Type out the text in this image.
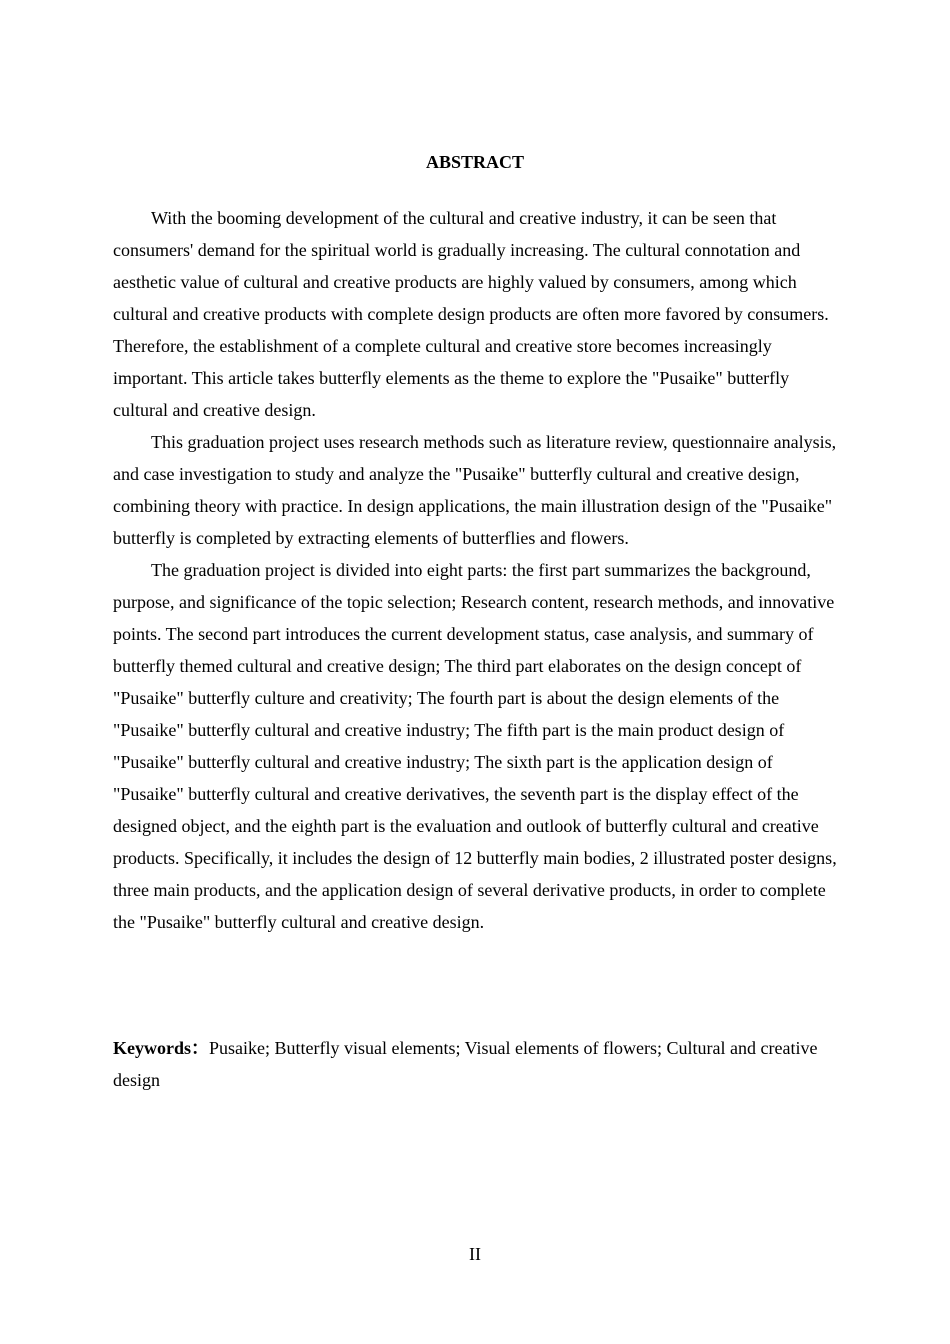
ABSTRACT

With the booming development of the cultural and creative industry, it can be seen that consumers' demand for the spiritual world is gradually increasing. The cultural connotation and aesthetic value of cultural and creative products are highly valued by consumers, among which cultural and creative products with complete design products are often more favored by consumers. Therefore, the establishment of a complete cultural and creative store becomes increasingly important. This article takes butterfly elements as the theme to explore the "Pusaike" butterfly cultural and creative design.

This graduation project uses research methods such as literature review, questionnaire analysis, and case investigation to study and analyze the "Pusaike" butterfly cultural and creative design, combining theory with practice. In design applications, the main illustration design of the "Pusaike" butterfly is completed by extracting elements of butterflies and flowers.

The graduation project is divided into eight parts: the first part summarizes the background, purpose, and significance of the topic selection; Research content, research methods, and innovative points. The second part introduces the current development status, case analysis, and summary of butterfly themed cultural and creative design; The third part elaborates on the design concept of "Pusaike" butterfly culture and creativity; The fourth part is about the design elements of the "Pusaike" butterfly cultural and creative industry; The fifth part is the main product design of "Pusaike" butterfly cultural and creative industry; The sixth part is the application design of "Pusaike" butterfly cultural and creative derivatives, the seventh part is the display effect of the designed object, and the eighth part is the evaluation and outlook of butterfly cultural and creative products. Specifically, it includes the design of 12 butterfly main bodies, 2 illustrated poster designs, three main products, and the application design of several derivative products, in order to complete the "Pusaike" butterfly cultural and creative design.

Keywords：Pusaike; Butterfly visual elements; Visual elements of flowers; Cultural and creative design

II
